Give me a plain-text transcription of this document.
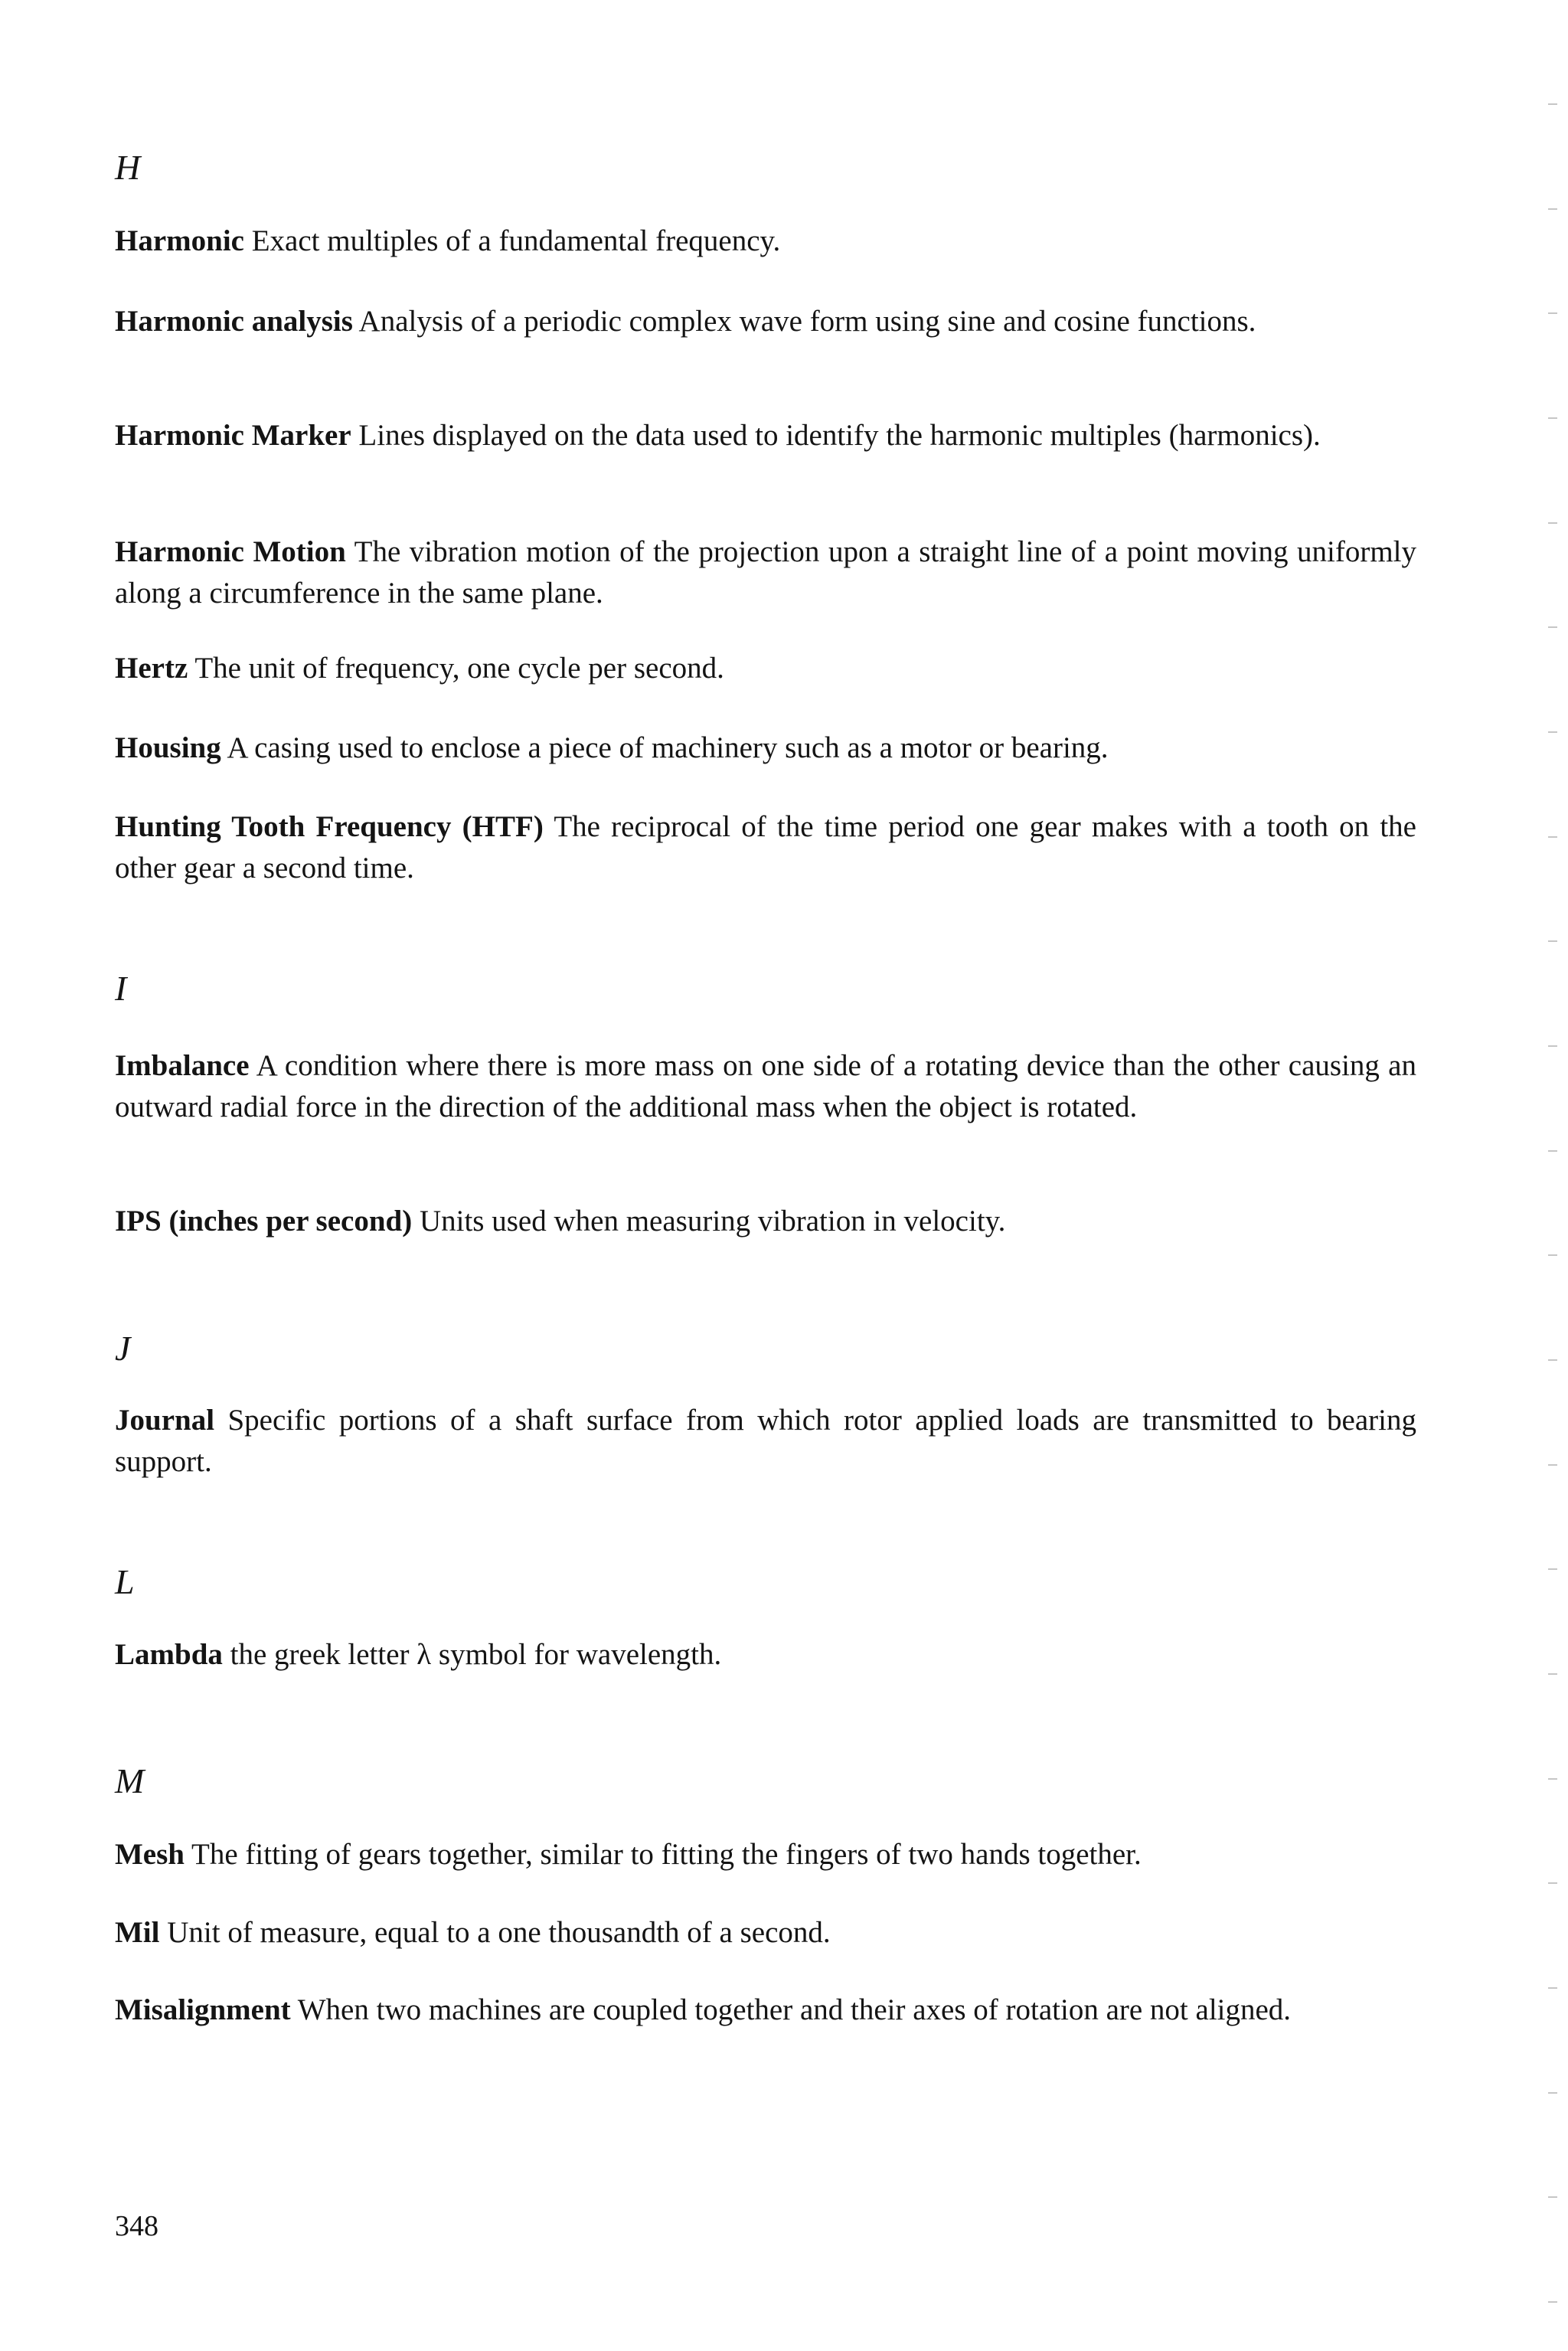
H
Harmonic Exact multiples of a fundamental frequency.
Harmonic analysis Analysis of a periodic complex wave form using sine and cosine functions.
Harmonic Marker Lines displayed on the data used to identify the harmonic multiples (harmonics).
Harmonic Motion The vibration motion of the projection upon a straight line of a point moving uniformly along a circumference in the same plane.
Hertz The unit of frequency, one cycle per second.
Housing A casing used to enclose a piece of machinery such as a motor or bearing.
Hunting Tooth Frequency (HTF) The reciprocal of the time period one gear makes with a tooth on the other gear a second time.
I
Imbalance A condition where there is more mass on one side of a rotating device than the other causing an outward radial force in the direction of the additional mass when the object is rotated.
IPS (inches per second) Units used when measuring vibration in velocity.
J
Journal Specific portions of a shaft surface from which rotor applied loads are transmitted to bearing support.
L
Lambda the greek letter λ symbol for wavelength.
M
Mesh The fitting of gears together, similar to fitting the fingers of two hands together.
Mil Unit of measure, equal to a one thousandth of a second.
Misalignment When two machines are coupled together and their axes of rotation are not aligned.
348
